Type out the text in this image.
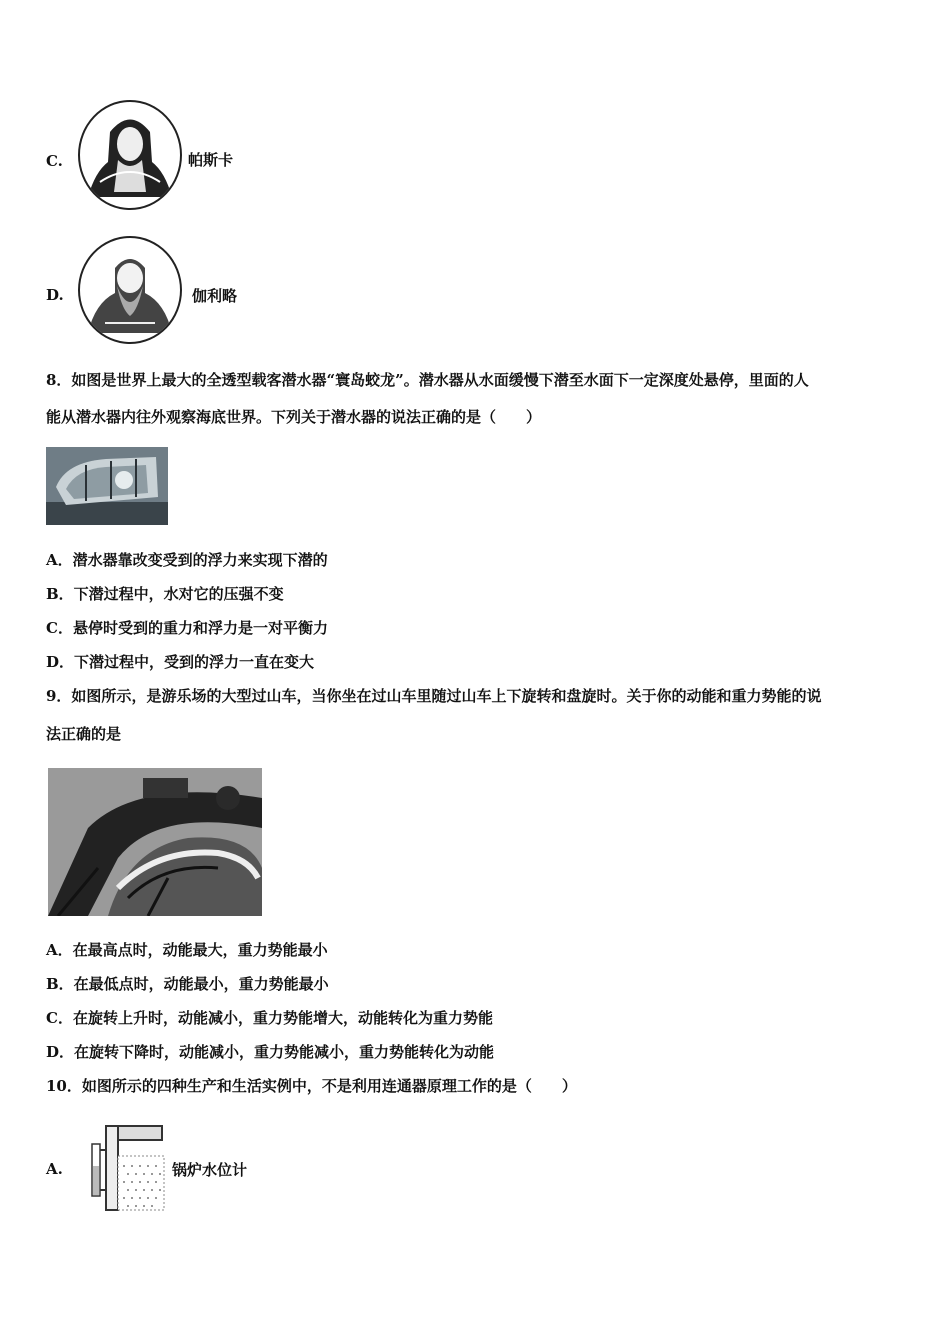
C.	帕斯卡
D.	伽利略
8．如图是世界上最大的全透型载客潜水器“寰岛蛟龙”。潜水器从水面缓慢下潜至水面下一定深度处悬停，里面的人
能从潜水器内往外观察海底世界。下列关于潜水器的说法正确的是（　　）
A．潜水器靠改变受到的浮力来实现下潜的
B．下潜过程中，水对它的压强不变
C．悬停时受到的重力和浮力是一对平衡力
D．下潜过程中，受到的浮力一直在变大
9．如图所示，是游乐场的大型过山车，当你坐在过山车里随过山车上下旋转和盘旋时。关于你的动能和重力势能的说
法正确的是
A．在最高点时，动能最大，重力势能最小
B．在最低点时，动能最小，重力势能最小
C．在旋转上升时，动能减小，重力势能增大，动能转化为重力势能
D．在旋转下降时，动能减小，重力势能减小，重力势能转化为动能
10．如图所示的四种生产和生活实例中，不是利用连通器原理工作的是（　　）
A.	锅炉水位计
